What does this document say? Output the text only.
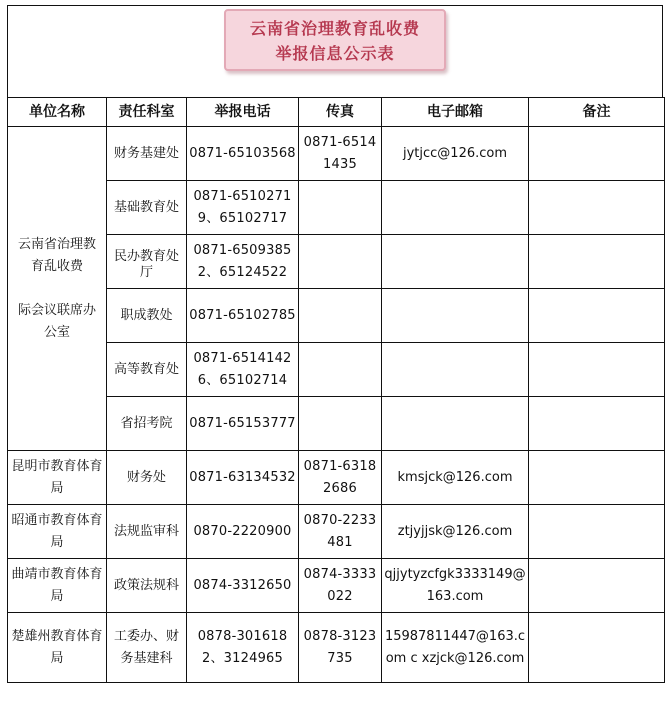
云南省治理教育乱收费
举报信息公示表
单位名称	责任科室	举报电话	传真	电子邮箱	备注

云南省治理教
育乱收费
际会议联席办
公室	财务基建处	0871-65103568	0871-65141435	jytjcc@126.com	
	基础教育处	0871-65102719、65102717			

	民办教育处
厅	0871-65093852、65124522			
	职成教处	0871-65102785			
	高等教育处	0871-65141426、65102714			
	省招考院	0871-65153777			
昆明市教育体育局	财务处	0871-63134532	0871-63182686	kmsjck@126.com	
昭通市教育体育局	法规监审科	0870-2220900	0870-2233481	ztjyjjsk@126.com	
曲靖市教育体育局	政策法规科	0874-3312650	0874-3333022	qjjytyzcfgk3333149@163.com	
楚雄州教育体育局	工委办、财务基建科	0878-3016182、3124965	0878-3123735	15987811447@163.com c xzjck@126.com	
